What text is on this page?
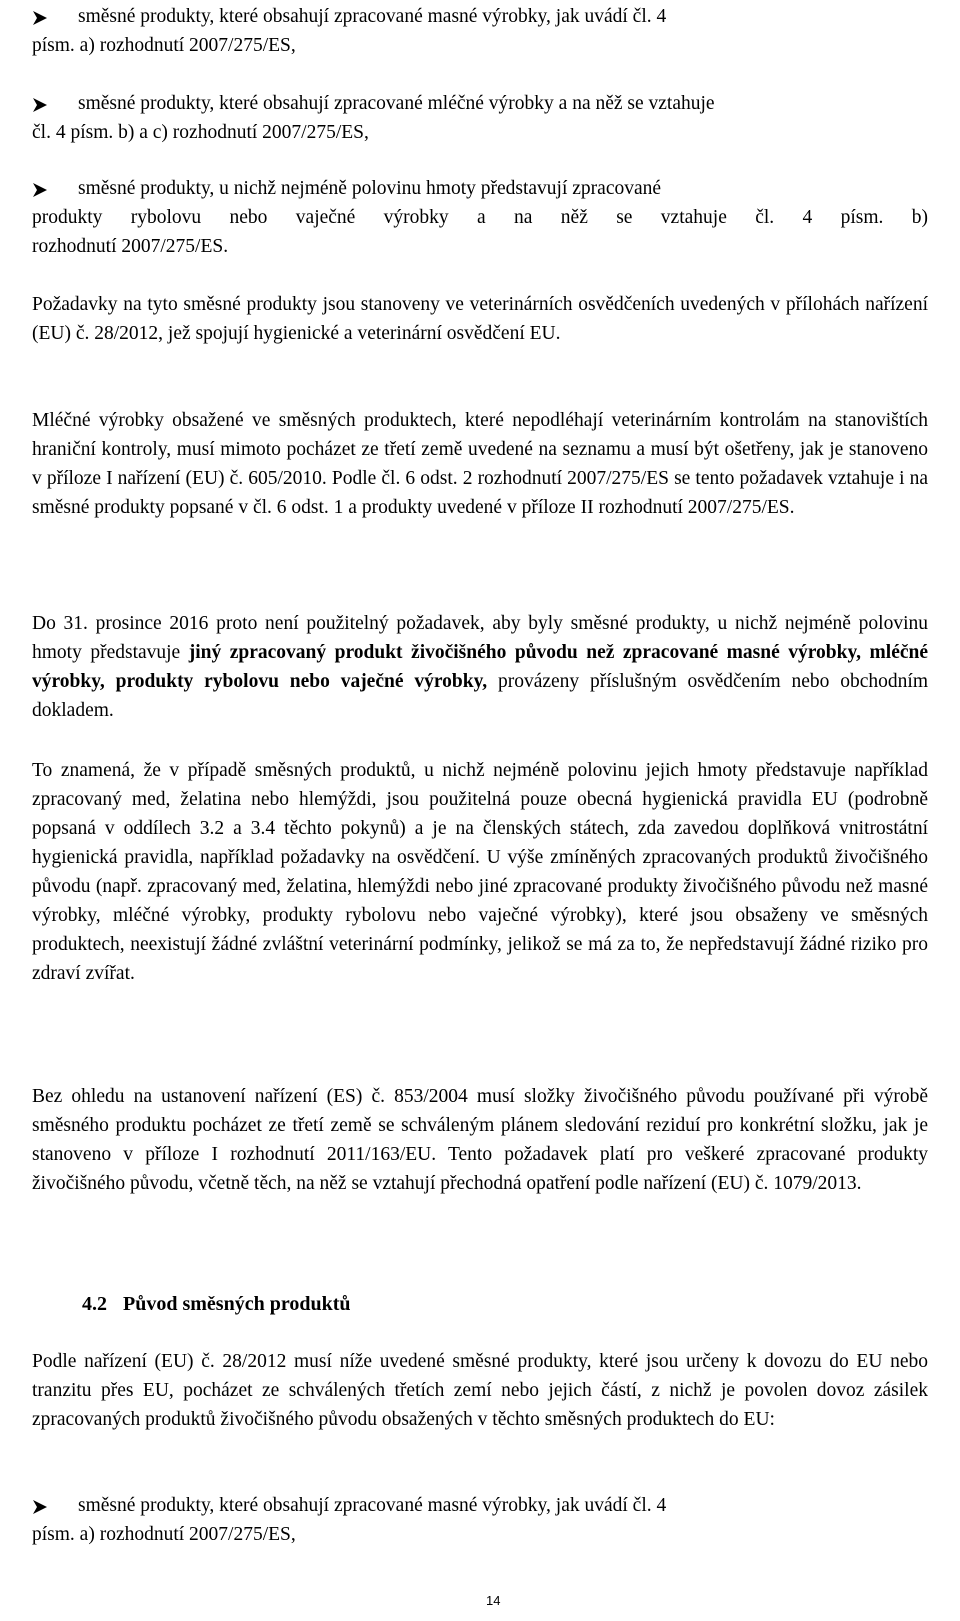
směsné produkty, které obsahují zpracované masné výrobky, jak uvádí čl. 4
písm. a) rozhodnutí 2007/275/ES,
směsné produkty, které obsahují zpracované mléčné výrobky a na něž se vztahuje
čl. 4 písm. b) a c) rozhodnutí 2007/275/ES,
směsné produkty, u nichž nejméně polovinu hmoty představují zpracované
produkty rybolovu nebo vaječné výrobky a na něž se vztahuje čl. 4 písm. b)
rozhodnutí 2007/275/ES.

Požadavky na tyto směsné produkty jsou stanoveny ve veterinárních osvědčeních uvedených v přílohách nařízení (EU) č. 28/2012, jež spojují hygienické a veterinární osvědčení EU.

Mléčné výrobky obsažené ve směsných produktech, které nepodléhají veterinárním kontrolám na stanovištích hraniční kontroly, musí mimoto pocházet ze třetí země uvedené na seznamu a musí být ošetřeny, jak je stanoveno v příloze I nařízení (EU) č. 605/2010. Podle čl. 6 odst. 2 rozhodnutí 2007/275/ES se tento požadavek vztahuje i na směsné produkty popsané v čl. 6 odst. 1 a produkty uvedené v příloze II rozhodnutí 2007/275/ES.

Do 31. prosince 2016 proto není použitelný požadavek, aby byly směsné produkty, u nichž nejméně polovinu hmoty představuje jiný zpracovaný produkt živočišného původu než zpracované masné výrobky, mléčné výrobky, produkty rybolovu nebo vaječné výrobky, provázeny příslušným osvědčením nebo obchodním dokladem.

To znamená, že v případě směsných produktů, u nichž nejméně polovinu jejich hmoty představuje například zpracovaný med, želatina nebo hlemýždi, jsou použitelná pouze obecná hygienická pravidla EU (podrobně popsaná v oddílech 3.2 a 3.4 těchto pokynů) a je na členských státech, zda zavedou doplňková vnitrostátní hygienická pravidla, například požadavky na osvědčení. U výše zmíněných zpracovaných produktů živočišného původu (např. zpracovaný med, želatina, hlemýždi nebo jiné zpracované produkty živočišného původu než masné výrobky, mléčné výrobky, produkty rybolovu nebo vaječné výrobky), které jsou obsaženy ve směsných produktech, neexistují žádné zvláštní veterinární podmínky, jelikož se má za to, že nepředstavují žádné riziko pro zdraví zvířat.

Bez ohledu na ustanovení nařízení (ES) č. 853/2004 musí složky živočišného původu používané při výrobě směsného produktu pocházet ze třetí země se schváleným plánem sledování reziduí pro konkrétní složku, jak je stanoveno v příloze I rozhodnutí 2011/163/EU. Tento požadavek platí pro veškeré zpracované produkty živočišného původu, včetně těch, na něž se vztahují přechodná opatření podle nařízení (EU) č. 1079/2013.

4.2 Původ směsných produktů

Podle nařízení (EU) č. 28/2012 musí níže uvedené směsné produkty, které jsou určeny k dovozu do EU nebo tranzitu přes EU, pocházet ze schválených třetích zemí nebo jejich částí, z nichž je povolen dovoz zásilek zpracovaných produktů živočišného původu obsažených v těchto směsných produktech do EU:

směsné produkty, které obsahují zpracované masné výrobky, jak uvádí čl. 4
písm. a) rozhodnutí 2007/275/ES,
14
